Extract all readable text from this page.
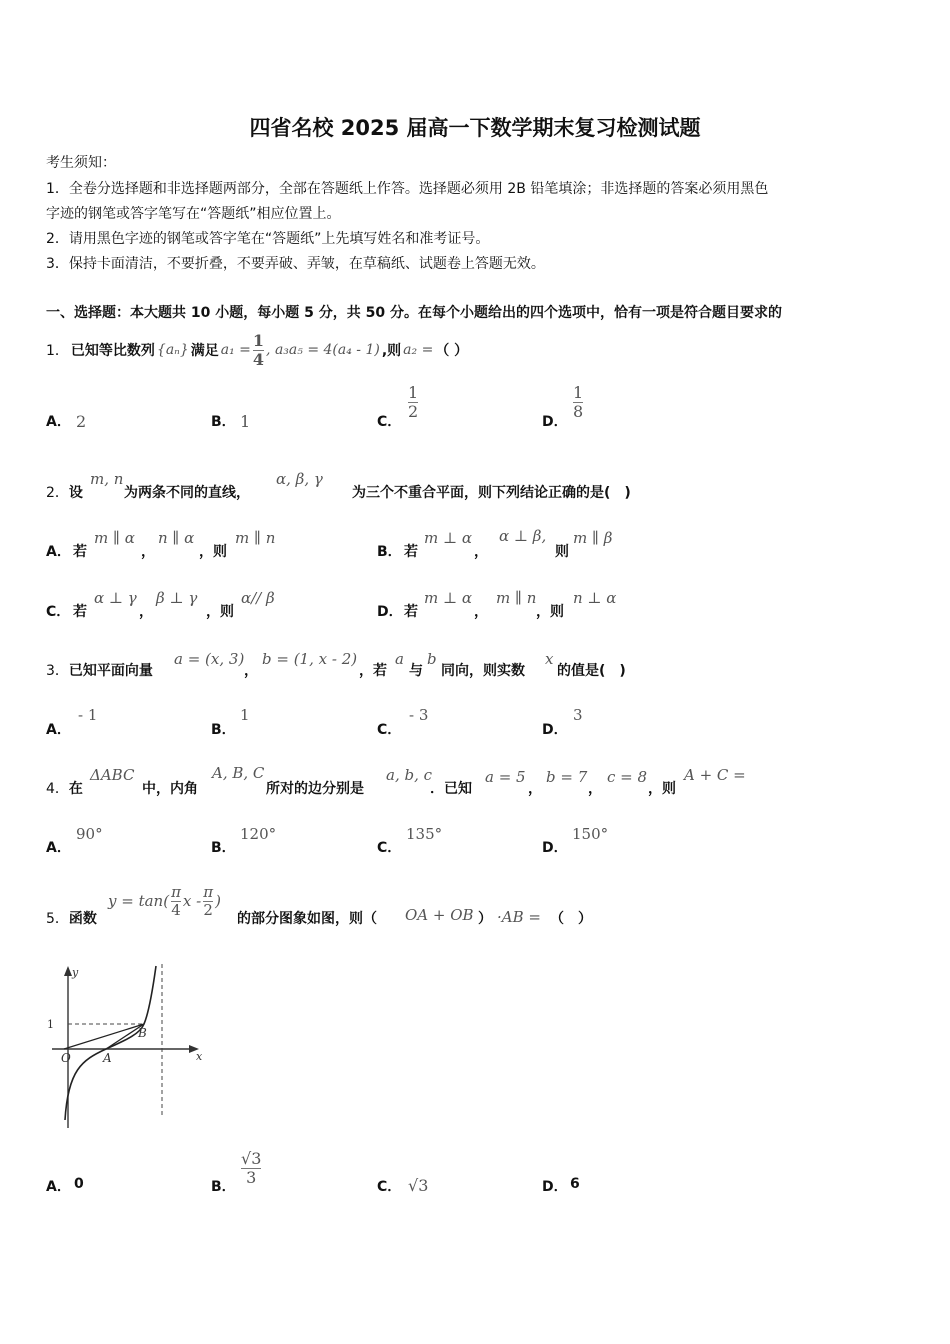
四省名校 2025 届高一下数学期末复习检测试题
考生须知：
1．全卷分选择题和非选择题两部分，全部在答题纸上作答。选择题必须用 2B 铅笔填涂；非选择题的答案必须用黑色
字迹的钢笔或答字笔写在“答题纸”相应位置上。
2．请用黑色字迹的钢笔或答字笔在“答题纸”上先填写姓名和准考证号。
3．保持卡面清洁，不要折叠，不要弄破、弄皱，在草稿纸、试题卷上答题无效。
一、选择题：本大题共 10 小题，每小题 5 分，共 50 分。在每个小题给出的四个选项中，恰有一项是符合题目要求的
1． 已知等比数列 {aₙ} 满足 $a_1 = \frac{1}{4}$ , a₃a₅ = 4(a₄ - 1) ,则 a₂ = （ ）
A． 2	B． 1	C．
$\frac{1}{2}$
D．
$\frac{1}{8}$
2．设
m, n
为两条不同的直线，
α, β, γ
为三个不重合平面，则下列结论正确的是(　)
A． 若
m ∥ α
，
n ∥ α
，则
m ∥ n
B． 若
m ⊥ α
，
α ⊥ β,
则
m ∥ β
C． 若
α ⊥ γ
，
β ⊥ γ
，则
α// β
D． 若
m ⊥ α
，
m ∥ n
，则
n ⊥ α
3．已知平面向量
a = (x, 3)
，
b = (1, x - 2)
，若
a
与
b
同向，则实数
x
的值是(　)
A．
- 1
B．
1
C．
- 3
D．
3
4．在
ΔABC
中，内角
A, B, C
所对的边分别是
a, b, c
．已知
a = 5
，
b = 7
，
c = 8
，则
A + C =
A．
90°
B．
120°
C．
135°
D．
150°
5．函数
$y = \tan( \frac{\pi}{4}$ x - $\frac{\pi}{2}$ )
的部分图象如图，则（ OA + OB ） ·AB = （　）
y
x
1
O	A
B
A． 0	B．
$\frac{√3}{3}$
C． √3	D． 6
